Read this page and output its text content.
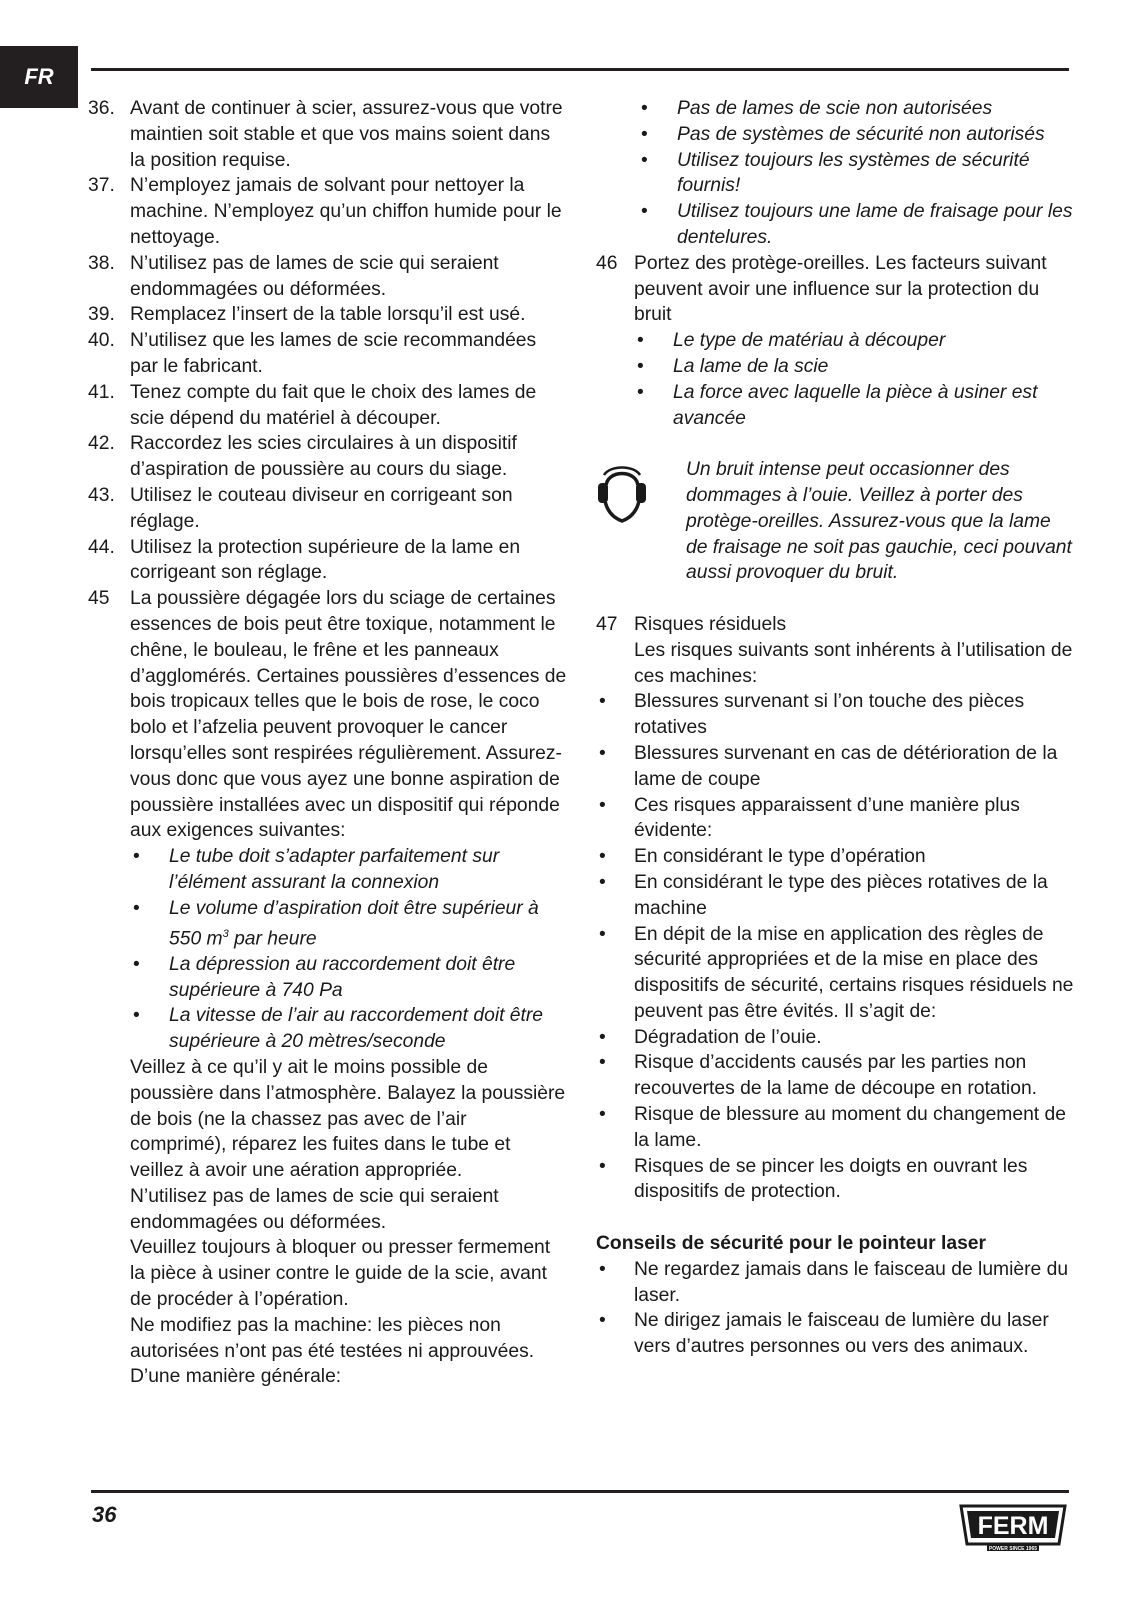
FR
36. Avant de continuer à scier, assurez-vous que votre maintien soit stable et que vos mains soient dans la position requise.
37. N’employez jamais de solvant pour nettoyer la machine. N’employez qu’un chiffon humide pour le nettoyage.
38. N’utilisez pas de lames de scie qui seraient endommagées ou déformées.
39. Remplacez l’insert de la table lorsqu’il est usé.
40. N’utilisez que les lames de scie recommandées par le fabricant.
41. Tenez compte du fait que le choix des lames de scie dépend du matériel à découper.
42. Raccordez les scies circulaires à un dispositif d’aspiration de poussière au cours du siage.
43. Utilisez le couteau diviseur en corrigeant son réglage.
44. Utilisez la protection supérieure de la lame en corrigeant son réglage.
45	La poussière dégagée lors du sciage de certaines essences de bois peut être toxique, notamment le chêne, le bouleau, le frêne et les panneaux d’agglomérés. Certaines poussières d’essences de bois tropicaux telles que le bois de rose, le coco bolo et l’afzelia peuvent provoquer le cancer lorsqu’elles sont respirées régulièrement. Assurez-vous donc que vous ayez une bonne aspiration de poussière installées avec un dispositif qui réponde aux exigences suivantes:
•	Le tube doit s’adapter parfaitement sur l’élément assurant la connexion
•	Le volume d’aspiration doit être supérieur à 550 $m^3$ par heure
•	La dépression au raccordement doit être supérieure à 740 Pa
•	La vitesse de l’air au raccordement doit être supérieure à 20 mètres/seconde
Veillez à ce qu’il y ait le moins possible de poussière dans l’atmosphère. Balayez la poussière de bois (ne la chassez pas avec de l’air comprimé), réparez les fuites dans le tube et veillez à avoir une aération appropriée.
N’utilisez pas de lames de scie qui seraient endommagées ou déformées.
Veuillez toujours à bloquer ou presser fermement la pièce à usiner contre le guide de la scie, avant de procéder à l’opération.
Ne modifiez pas la machine: les pièces non autorisées n’ont pas été testées ni approuvées.
D’une manière générale:
•	Pas de lames de scie non autorisées
•	Pas de systèmes de sécurité non autorisés
•	Utilisez toujours les systèmes de sécurité fournis!
•	Utilisez toujours une lame de fraisage pour les dentelures.
46 Portez des protège-oreilles. Les facteurs suivant peuvent avoir une influence sur la protection du bruit
•	Le type de matériau à découper
•	La lame de la scie
•	La force avec laquelle la pièce à usiner est avancée
Un bruit intense peut occasionner des dommages à l’ouie. Veillez à porter des protège-oreilles. Assurez-vous que la lame de fraisage ne soit pas gauchie, ceci pouvant aussi provoquer du bruit.
47 Risques résiduels
Les risques suivants sont inhérents à l’utilisation de ces machines:
•	Blessures survenant si l’on touche des pièces rotatives
•	Blessures survenant en cas de détérioration de la lame de coupe
•	Ces risques apparaissent d’une manière plus évidente:
•	En considérant le type d’opération
•	En considérant le type des pièces rotatives de la machine
•	En dépit de la mise en application des règles de sécurité appropriées et de la mise en place des dispositifs de sécurité, certains risques résiduels ne peuvent pas être évités. Il s’agit de:
•	Dégradation de l’ouie.
•	Risque d’accidents causés par les parties non recouvertes de la lame de découpe en rotation.
•	Risque de blessure au moment du changement de la lame.
•	Risques de se pincer les doigts en ouvrant les dispositifs de protection.
Conseils de sécurité pour le pointeur laser
•	Ne regardez jamais dans le faisceau de lumière du laser.
•	Ne dirigez jamais le faisceau de lumière du laser vers d’autres personnes ou vers des animaux.
36	FERM
POWER SINCE 1965
